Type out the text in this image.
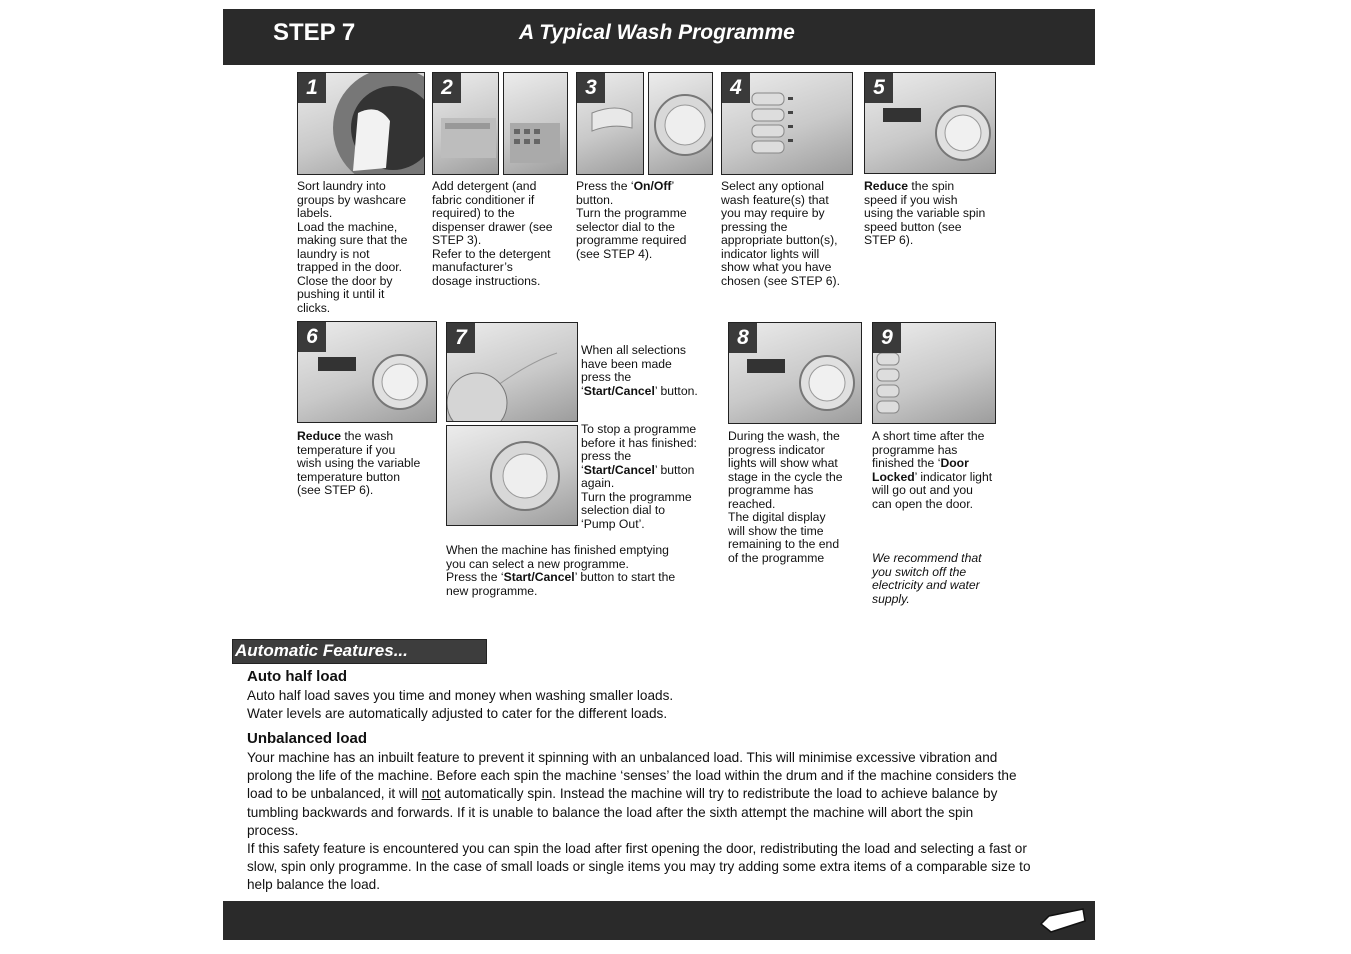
STEP 7	A Typical Wash Programme
1	2	3	4	5
Sort laundry into
groups by washcare
labels.
Load the machine,
making sure that the
laundry is not
trapped in the door.
Close the door by
pushing it until it
clicks.
Add detergent (and
fabric conditioner if
required) to the
dispenser drawer (see
STEP 3).
Refer to the detergent
manufacturer’s
dosage instructions.
Press the ‘On/Off’
button.
Turn the programme
selector dial to the
programme required
(see STEP 4).
Select any optional
wash feature(s) that
you may require by
pressing the
appropriate button(s),
indicator lights will
show what you have
chosen (see STEP 6).
Reduce the spin
speed if you wish
using the variable spin
speed button (see
STEP 6).
6	7	8	9
Reduce the wash
temperature if you
wish using the variable
temperature button
(see STEP 6).
When all selections
have been made
press the
‘Start/Cancel’ button.
To stop a programme
before it has finished:
press the
‘Start/Cancel’ button
again.
Turn the programme
selection dial to
‘Pump Out’.
When the machine has finished emptying
you can select a new programme.
Press the ‘Start/Cancel’ button to start the
new programme.
During the wash, the
progress indicator
lights will show what
stage in the cycle the
programme has
reached.
The digital display
will show the time
remaining to the end
of the programme
A short time after the
programme has
finished the ‘Door
Locked’ indicator light
will go out and you
can open the door.
We recommend that
you switch off the
electricity and water
supply.
Automatic Features...
Auto half load
Auto half load saves you time and money when washing smaller loads.
Water levels are automatically adjusted to cater for the different loads.
Unbalanced load
Your machine has an inbuilt feature to prevent it spinning with an unbalanced load. This will minimise excessive vibration and
prolong the life of the machine. Before each spin the machine ‘senses’ the load within the drum and if the machine considers the
load to be unbalanced, it will not automatically spin. Instead the machine will try to redistribute the load to achieve balance by
tumbling backwards and forwards. If it is unable to balance the load after the sixth attempt the machine will abort the spin
process.
If this safety feature is encountered you can spin the load after first opening the door, redistributing the load and selecting a fast or
slow, spin only programme. In the case of small loads or single items you may try adding some extra items of a comparable size to
help balance the load.
